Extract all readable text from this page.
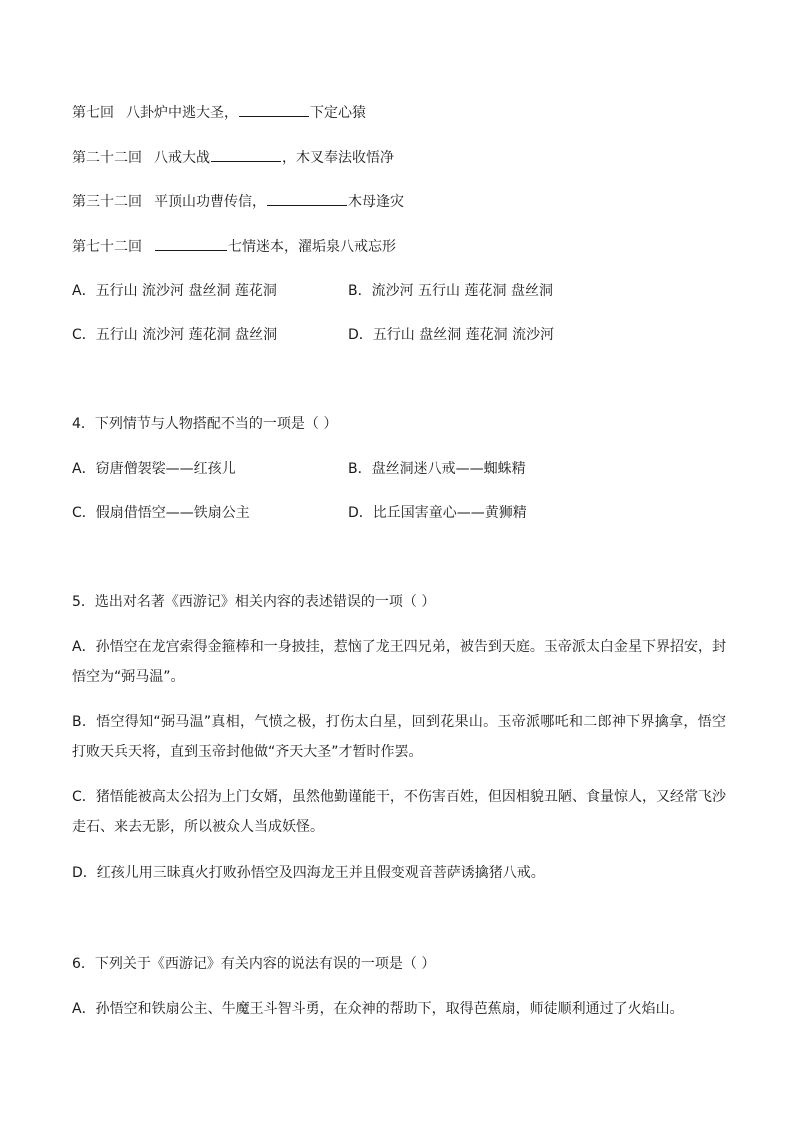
第七回 八卦炉中逃大圣，	下定心猿
第二十二回 八戒大战	，木叉奉法收悟净
第三十二回 平顶山功曹传信，	木母逢灾
第七十二回	七情迷本，濯垢泉八戒忘形
A．五行山 流沙河 盘丝洞 莲花洞	B．流沙河 五行山 莲花洞 盘丝洞
C．五行山 流沙河 莲花洞 盘丝洞	D．五行山 盘丝洞 莲花洞 流沙河
4．下列情节与人物搭配不当的一项是（ ）
A．窃唐僧袈裟——红孩儿	B．盘丝洞迷八戒——蜘蛛精
C．假扇借悟空——铁扇公主	D．比丘国害童心——黄狮精
5．选出对名著《西游记》相关内容的表述错误的一项（ ）
A．孙悟空在龙宫索得金箍棒和一身披挂，惹恼了龙王四兄弟，被告到天庭。玉帝派太白金星下界招安，封悟空为“弼马温”。
B．悟空得知“弼马温”真相，气愤之极，打伤太白星，回到花果山。玉帝派哪吒和二郎神下界擒拿，悟空打败天兵天将，直到玉帝封他做“齐天大圣”才暂时作罢。
C．猪悟能被高太公招为上门女婿，虽然他勤谨能干，不伤害百姓，但因相貌丑陋、食量惊人，又经常飞沙走石、来去无影，所以被众人当成妖怪。
D．红孩儿用三昧真火打败孙悟空及四海龙王并且假变观音菩萨诱擒猪八戒。
6．下列关于《西游记》有关内容的说法有误的一项是（ ）
A．孙悟空和铁扇公主、牛魔王斗智斗勇，在众神的帮助下，取得芭蕉扇，师徒顺利通过了火焰山。
